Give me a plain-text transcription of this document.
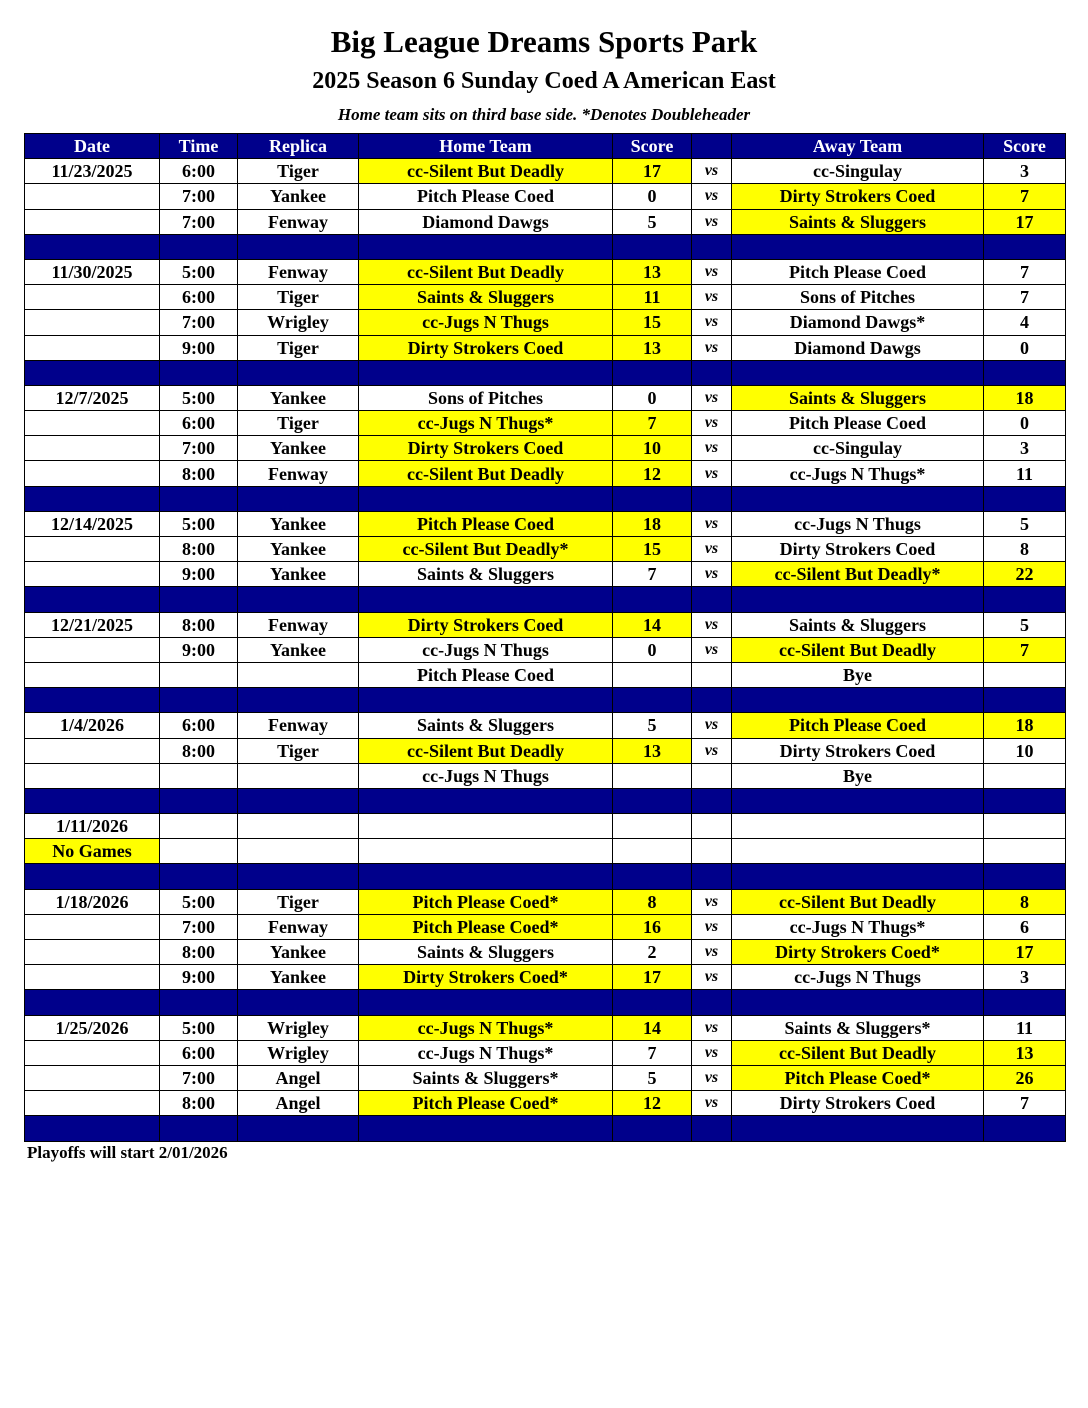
Big League Dreams Sports Park
2025 Season 6 Sunday Coed A American East
Home team sits on third base side. *Denotes Doubleheader
Date	Time	Replica	Home Team	Score		Away Team	Score
11/23/2025	6:00	Tiger	cc-Silent But Deadly	17	vs	cc-Singulay	3
	7:00	Yankee	Pitch Please Coed	0	vs	Dirty Strokers Coed	7
	7:00	Fenway	Diamond Dawgs	5	vs	Saints & Sluggers	17

11/30/2025	5:00	Fenway	cc-Silent But Deadly	13	vs	Pitch Please Coed	7
	6:00	Tiger	Saints & Sluggers	11	vs	Sons of Pitches	7
	7:00	Wrigley	cc-Jugs N Thugs	15	vs	Diamond Dawgs*	4
	9:00	Tiger	Dirty Strokers Coed	13	vs	Diamond Dawgs	0

12/7/2025	5:00	Yankee	Sons of Pitches	0	vs	Saints & Sluggers	18
	6:00	Tiger	cc-Jugs N Thugs*	7	vs	Pitch Please Coed	0
	7:00	Yankee	Dirty Strokers Coed	10	vs	cc-Singulay	3
	8:00	Fenway	cc-Silent But Deadly	12	vs	cc-Jugs N Thugs*	11

12/14/2025	5:00	Yankee	Pitch Please Coed	18	vs	cc-Jugs N Thugs	5
	8:00	Yankee	cc-Silent But Deadly*	15	vs	Dirty Strokers Coed	8
	9:00	Yankee	Saints & Sluggers	7	vs	cc-Silent But Deadly*	22

12/21/2025	8:00	Fenway	Dirty Strokers Coed	14	vs	Saints & Sluggers	5
	9:00	Yankee	cc-Jugs N Thugs	0	vs	cc-Silent But Deadly	7
			Pitch Please Coed			Bye	

1/4/2026	6:00	Fenway	Saints & Sluggers	5	vs	Pitch Please Coed	18
	8:00	Tiger	cc-Silent But Deadly	13	vs	Dirty Strokers Coed	10
			cc-Jugs N Thugs			Bye	

1/11/2026							
No Games							

1/18/2026	5:00	Tiger	Pitch Please Coed*	8	vs	cc-Silent But Deadly	8
	7:00	Fenway	Pitch Please Coed*	16	vs	cc-Jugs N Thugs*	6
	8:00	Yankee	Saints & Sluggers	2	vs	Dirty Strokers Coed*	17
	9:00	Yankee	Dirty Strokers Coed*	17	vs	cc-Jugs N Thugs	3

1/25/2026	5:00	Wrigley	cc-Jugs N Thugs*	14	vs	Saints & Sluggers*	11
	6:00	Wrigley	cc-Jugs N Thugs*	7	vs	cc-Silent But Deadly	13
	7:00	Angel	Saints & Sluggers*	5	vs	Pitch Please Coed*	26
	8:00	Angel	Pitch Please Coed*	12	vs	Dirty Strokers Coed	7

Playoffs will start 2/01/2026
